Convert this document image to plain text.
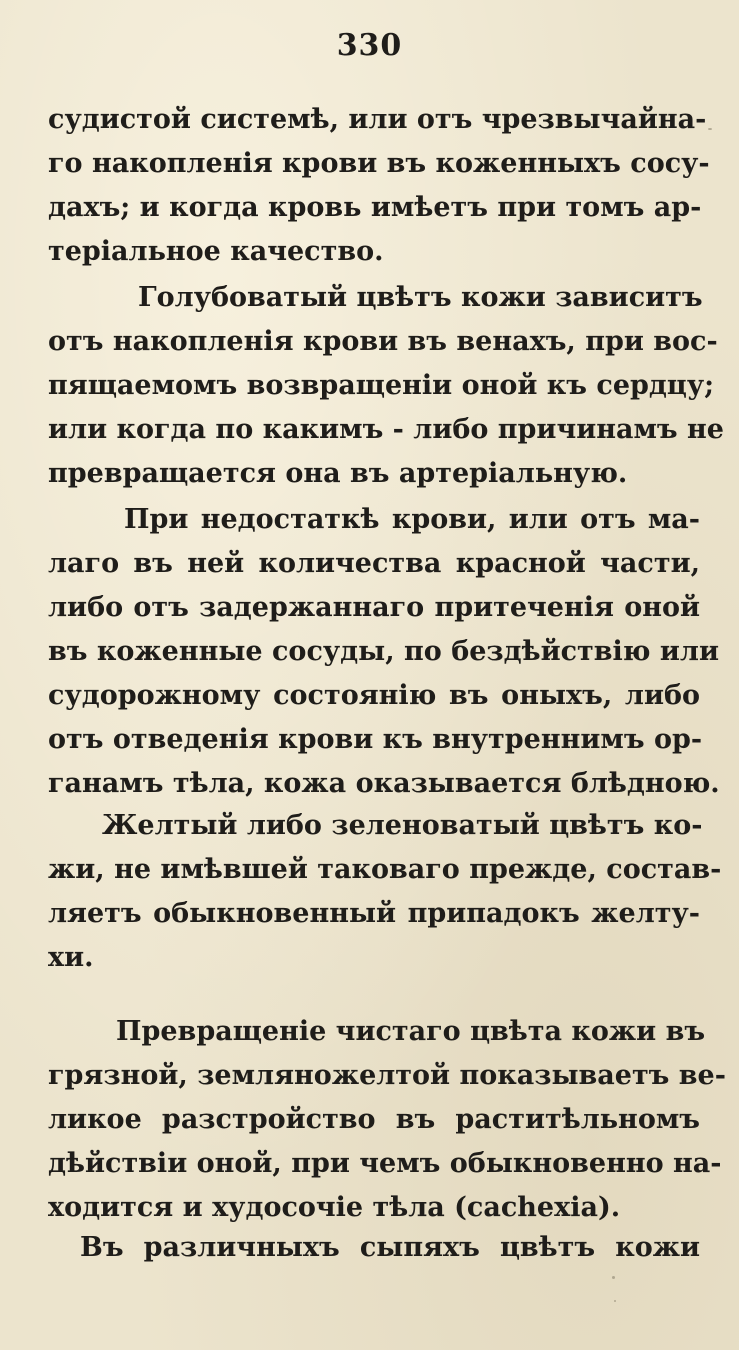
330
судистой системѣ, или отъ чрезвычайна-
го накопленія крови въ коженныхъ сосу-
дахъ; и когда кровь имѣетъ при томъ ар-
теріальное качество.
Голубоватый цвѣтъ кожи зависитъ
отъ накопленія крови въ венахъ, при вос-
пящаемомъ возвращеніи оной къ сердцу;
или когда по какимъ - либо причинамъ не
превращается она въ артеріальную.
При недостаткѣ крови, или отъ ма-
лаго въ ней количества красной части,
либо отъ задержаннаго притеченія оной
въ коженные сосуды, по бездѣйствію или
судорожному состоянію въ оныхъ, либо
отъ отведенія крови къ внутреннимъ ор-
ганамъ тѣла, кожа оказывается блѣдною.
Желтый либо зеленоватый цвѣтъ ко-
жи, не имѣвшей таковаго прежде, состав-
ляетъ обыкновенный припадокъ желту-
хи.
Превращеніе чистаго цвѣта кожи въ
грязной, земляножелтой показываетъ ве-
ликое разстройство въ раститѣльномъ
дѣйствіи оной, при чемъ обыкновенно на-
ходится и худосочіе тѣла (cachexia).
Въ различныхъ сыпяхъ цвѣтъ кожи
